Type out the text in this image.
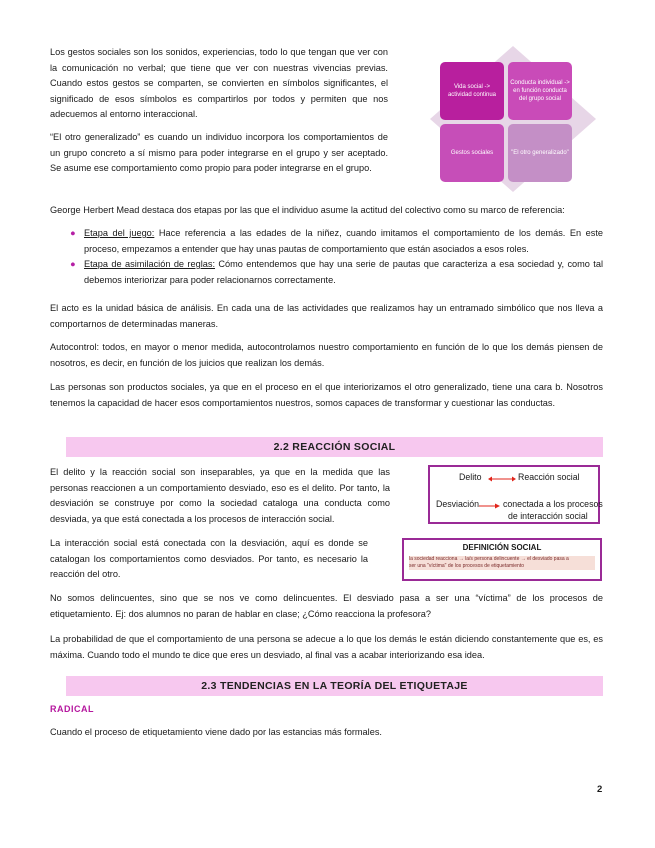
Los gestos sociales son los sonidos, experiencias, todo lo que tengan que ver con la comunicación no verbal; que tiene que ver con nuestras vivencias previas. Cuando estos gestos se comparten, se convierten en símbolos significantes, el significado de esos símbolos es compartirlos por todos y permiten que nos adecuemos al entorno interaccional.

“El otro generalizado” es cuando un individuo incorpora los comportamientos de un grupo concreto a sí mismo para poder integrarse en el grupo y ser aceptado. Se asume ese comportamiento como propio para poder integrarse en el grupo.

Vida social -> actividad continua
Conducta individual -> en función conducta del grupo social
Gestos sociales	"El otro generalizado"

George Herbert Mead destaca dos etapas por las que el individuo asume la actitud del colectivo como su marco de referencia:

● Etapa del juego: Hace referencia a las edades de la niñez, cuando imitamos el comportamiento de los demás. En este proceso, empezamos a entender que hay unas pautas de comportamiento que están asociados a esos roles.
● Etapa de asimilación de reglas: Cómo entendemos que hay una serie de pautas que caracteriza a esa sociedad y, como tal debemos interiorizar para poder relacionarnos correctamente.

El acto es la unidad básica de análisis. En cada una de las actividades que realizamos hay un entramado simbólico que nos lleva a comportarnos de determinadas maneras.

Autocontrol: todos, en mayor o menor medida, autocontrolamos nuestro comportamiento en función de lo que los demás piensen de nosotros, es decir, en función de los juicios que realizan los demás.

Las personas son productos sociales, ya que en el proceso en el que interiorizamos el otro generalizado, tiene una cara b. Nosotros tenemos la capacidad de hacer esos comportamientos nuestros, somos capaces de transformar y cuestionar las conductas.

2.2 REACCIÓN SOCIAL

El delito y la reacción social son inseparables, ya que en la medida que las personas reaccionen a un comportamiento desviado, eso es el delito. Por tanto, la desviación se construye por como la sociedad cataloga una conducta como desviada, ya que está conectada a los procesos de interacción social.

Delito	Reacción social
Desviación	conectada a los procesos
de interacción social

La interacción social está conectada con la desviación, aquí es donde se catalogan los comportamientos como desviados. Por tanto, es necesario la reacción del otro.

DEFINICIÓN SOCIAL
la sociedad reacciona → la/s persona delincuente → el desviado pasa a
ser una "víctima" de los procesos de etiquetamiento

No somos delincuentes, sino que se nos ve como delincuentes. El desviado pasa a ser una “víctima” de los procesos de etiquetamiento. Ej: dos alumnos no paran de hablar en clase; ¿Cómo reacciona la profesora?

La probabilidad de que el comportamiento de una persona se adecue a lo que los demás le están diciendo constantemente que es, es máxima. Cuando todo el mundo te dice que eres un desviado, al final vas a acabar interiorizando esa idea.

2.3 TENDENCIAS EN LA TEORÍA DEL ETIQUETAJE
RADICAL

Cuando el proceso de etiquetamiento viene dado por las estancias más formales.

2
